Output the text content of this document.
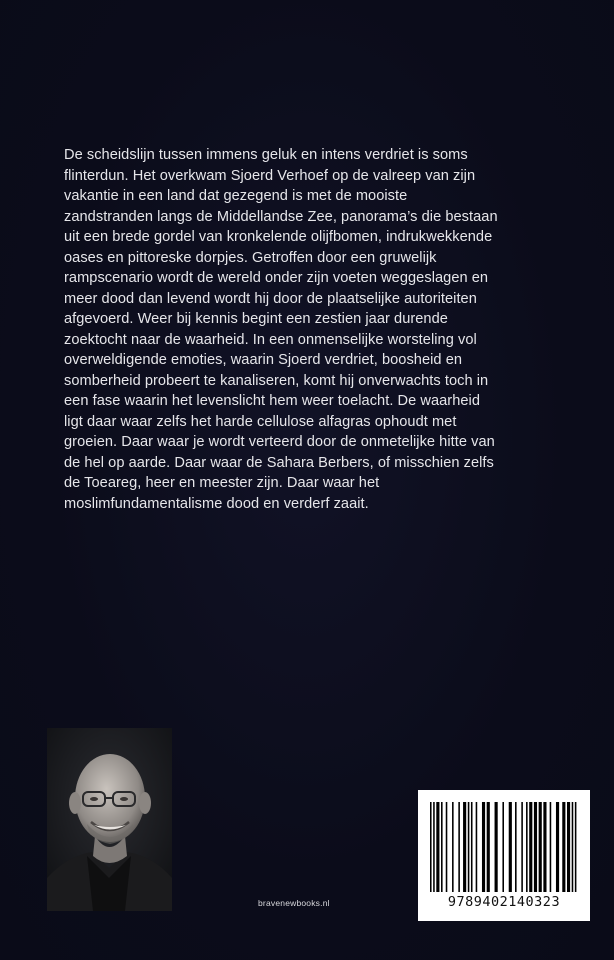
De scheidslijn tussen immens geluk en intens verdriet is soms
flinterdun. Het overkwam Sjoerd Verhoef op de valreep van zijn
vakantie in een land dat gezegend is met de mooiste
zandstranden langs de Middellandse Zee, panorama’s die bestaan
uit een brede gordel van kronkelende olijfbomen, indrukwekkende
oases en pittoreske dorpjes. Getroffen door een gruwelijk
rampscenario wordt de wereld onder zijn voeten weggeslagen en
meer dood dan levend wordt hij door de plaatselijke autoriteiten
afgevoerd. Weer bij kennis begint een zestien jaar durende
zoektocht naar de waarheid. In een onmenselijke worsteling vol
overweldigende emoties, waarin Sjoerd verdriet, boosheid en
somberheid probeert te kanaliseren, komt hij onverwachts toch in
een fase waarin het levenslicht hem weer toelacht. De waarheid
ligt daar waar zelfs het harde cellulose alfagras ophoudt met
groeien. Daar waar je wordt verteerd door de onmetelijke hitte van
de hel op aarde. Daar waar de Sahara Berbers, of misschien zelfs
de Toeareg, heer en meester zijn. Daar waar het
moslimfundamentalisme dood en verderf zaait.

bravenewbooks.nl	9789402140323
